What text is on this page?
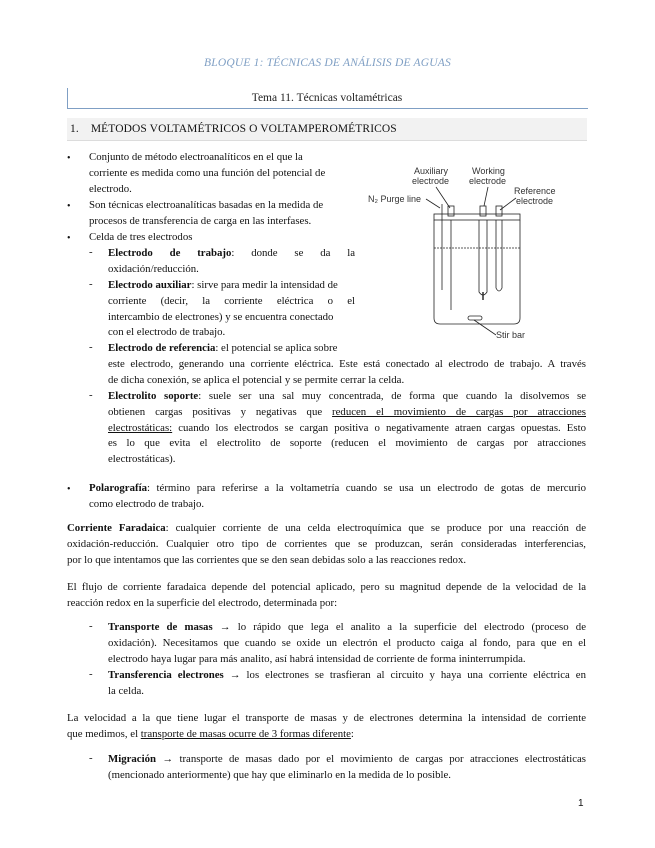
BLOQUE 1: TÉCNICAS DE ANÁLISIS DE AGUAS
Tema 11. Técnicas voltamétricas
1. MÉTODOS VOLTAMÉTRICOS O VOLTAMPEROMÉTRICOS
• Conjunto de método electroanalíticos en el que la
corriente es medida como una función del potencial de
electrodo.
• Son técnicas electroanalíticas basadas en la medida de
procesos de transferencia de carga en las interfases.
• Celda de tres electrodos
- Electrodo de trabajo: donde se da la
oxidación/reducción.
- Electrodo auxiliar: sirve para medir la intensidad de
corriente (decir, la corriente eléctrica o el
intercambio de electrones) y se encuentra conectado
con el electrodo de trabajo.
- Electrodo de referencia: el potencial se aplica sobre
este electrodo, generando una corriente eléctrica. Este está conectado al electrodo de trabajo. A través
de dicha conexión, se aplica el potencial y se permite cerrar la celda.
- Electrolito soporte: suele ser una sal muy concentrada, de forma que cuando la disolvemos se
obtienen cargas positivas y negativas que reducen el movimiento de cargas por atracciones
electrostáticas: cuando los electrodos se cargan positiva o negativamente atraen cargas opuestas. Esto
es lo que evita el electrolito de soporte (reducen el movimiento de cargas por atracciones
electrostáticas).
• Polarografía: término para referirse a la voltametría cuando se usa un electrodo de gotas de mercurio
como electrodo de trabajo.
Corriente Faradaica: cualquier corriente de una celda electroquímica que se produce por una reacción de
oxidación-reducción. Cualquier otro tipo de corrientes que se produzcan, serán consideradas interferencias,
por lo que intentamos que las corrientes que se den sean debidas solo a las reacciones redox.
El flujo de corriente faradaica depende del potencial aplicado, pero su magnitud depende de la velocidad de la
reacción redox en la superficie del electrodo, determinada por:
- Transporte de masas → lo rápido que lega el analito a la superficie del electrodo (proceso de
oxidación). Necesitamos que cuando se oxide un electrón el producto caiga al fondo, para que en el
electrodo haya lugar para más analito, así habrá intensidad de corriente de forma ininterrumpida.
- Transferencia electrones → los electrones se trasfieran al circuito y haya una corriente eléctrica en
la celda.
La velocidad a la que tiene lugar el transporte de masas y de electrones determina la intensidad de corriente
que medimos, el transporte de masas ocurre de 3 formas diferente:
- Migración → transporte de masas dado por el movimiento de cargas por atracciones electrostáticas
(mencionado anteriormente) que hay que eliminarlo en la medida de lo posible.
Auxiliary
electrode
Working
electrode
Reference
electrode
N₂ Purge line
Stir bar
1
